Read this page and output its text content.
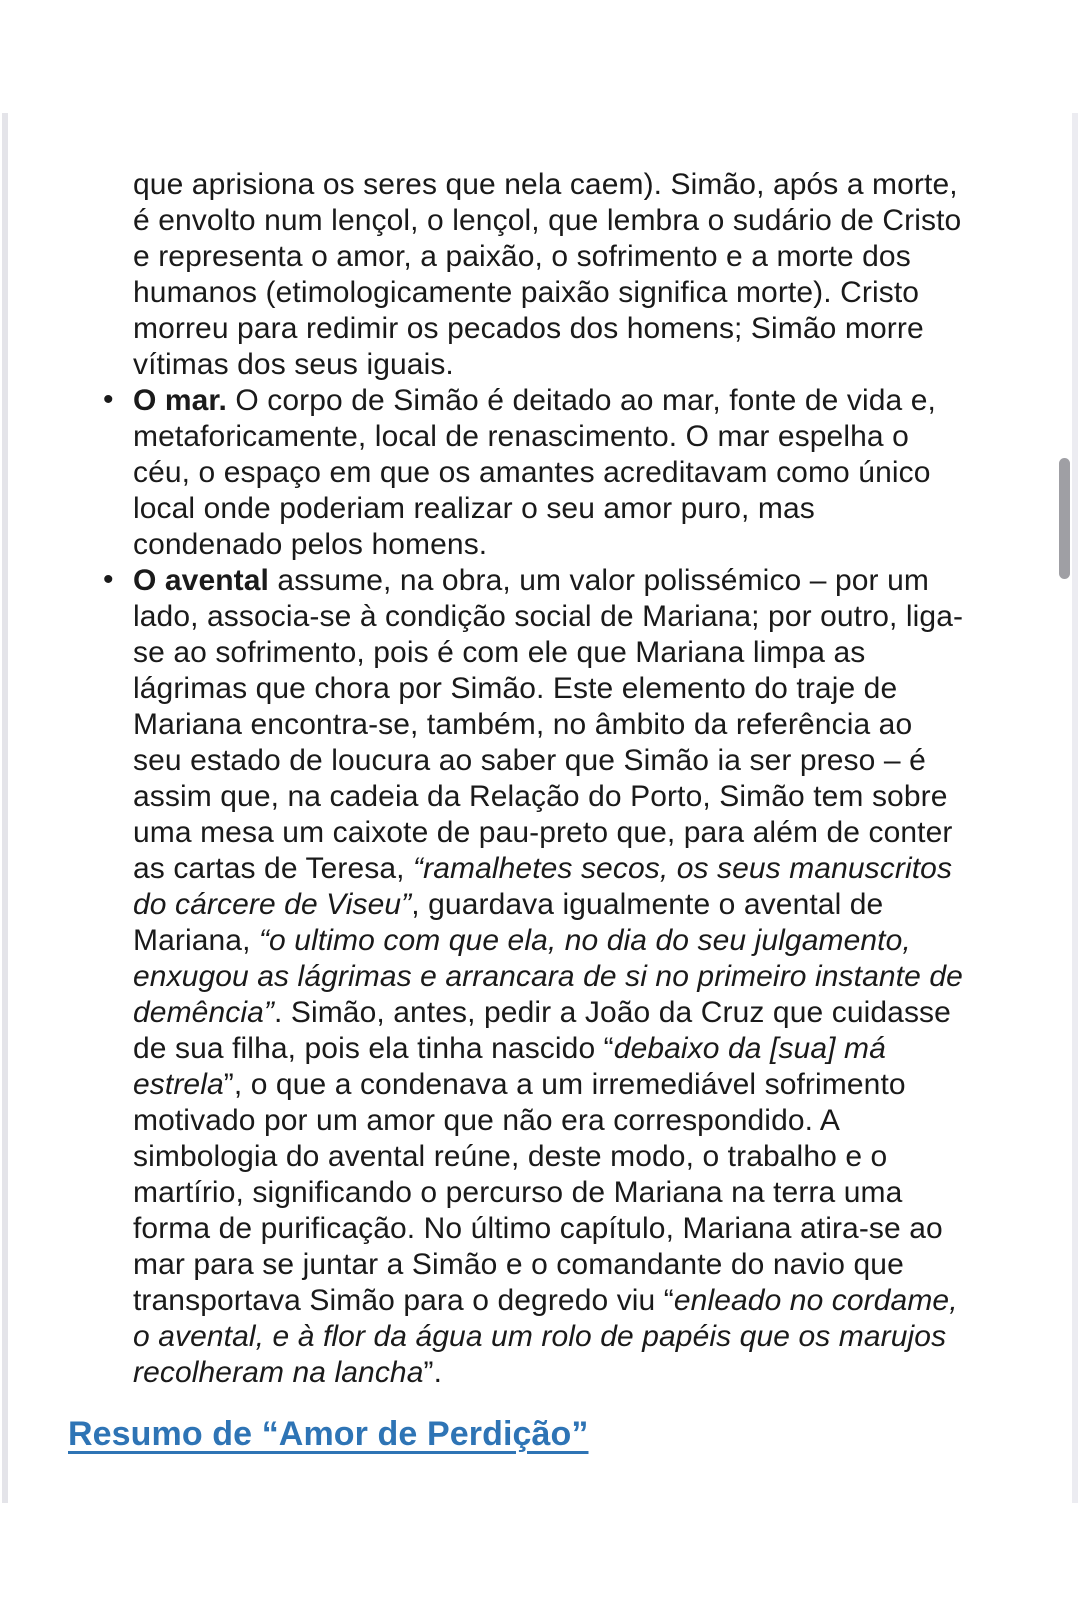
que aprisiona os seres que nela caem). Simão, após a morte, é envolto num lençol, o lençol, que lembra o sudário de Cristo e representa o amor, a paixão, o sofrimento e a morte dos humanos (etimologicamente paixão significa morte). Cristo morreu para redimir os pecados dos homens; Simão morre vítimas dos seus iguais.

• O mar. O corpo de Simão é deitado ao mar, fonte de vida e, metaforicamente, local de renascimento. O mar espelha o céu, o espaço em que os amantes acreditavam como único local onde poderiam realizar o seu amor puro, mas condenado pelos homens.

• O avental assume, na obra, um valor polissémico – por um lado, associa-se à condição social de Mariana; por outro, liga-se ao sofrimento, pois é com ele que Mariana limpa as lágrimas que chora por Simão. Este elemento do traje de Mariana encontra-se, também, no âmbito da referência ao seu estado de loucura ao saber que Simão ia ser preso – é assim que, na cadeia da Relação do Porto, Simão tem sobre uma mesa um caixote de pau-preto que, para além de conter as cartas de Teresa, “ramalhetes secos, os seus manuscritos do cárcere de Viseu”, guardava igualmente o avental de Mariana, “o ultimo com que ela, no dia do seu julgamento, enxugou as lágrimas e arrancara de si no primeiro instante de demência”. Simão, antes, pedir a João da Cruz que cuidasse de sua filha, pois ela tinha nascido “debaixo da [sua] má estrela”, o que a condenava a um irremediável sofrimento motivado por um amor que não era correspondido. A simbologia do avental reúne, deste modo, o trabalho e o martírio, significando o percurso de Mariana na terra uma forma de purificação. No último capítulo, Mariana atira-se ao mar para se juntar a Simão e o comandante do navio que transportava Simão para o degredo viu “enleado no cordame, o avental, e à flor da água um rolo de papéis que os marujos recolheram na lancha”.

Resumo de “Amor de Perdição”
